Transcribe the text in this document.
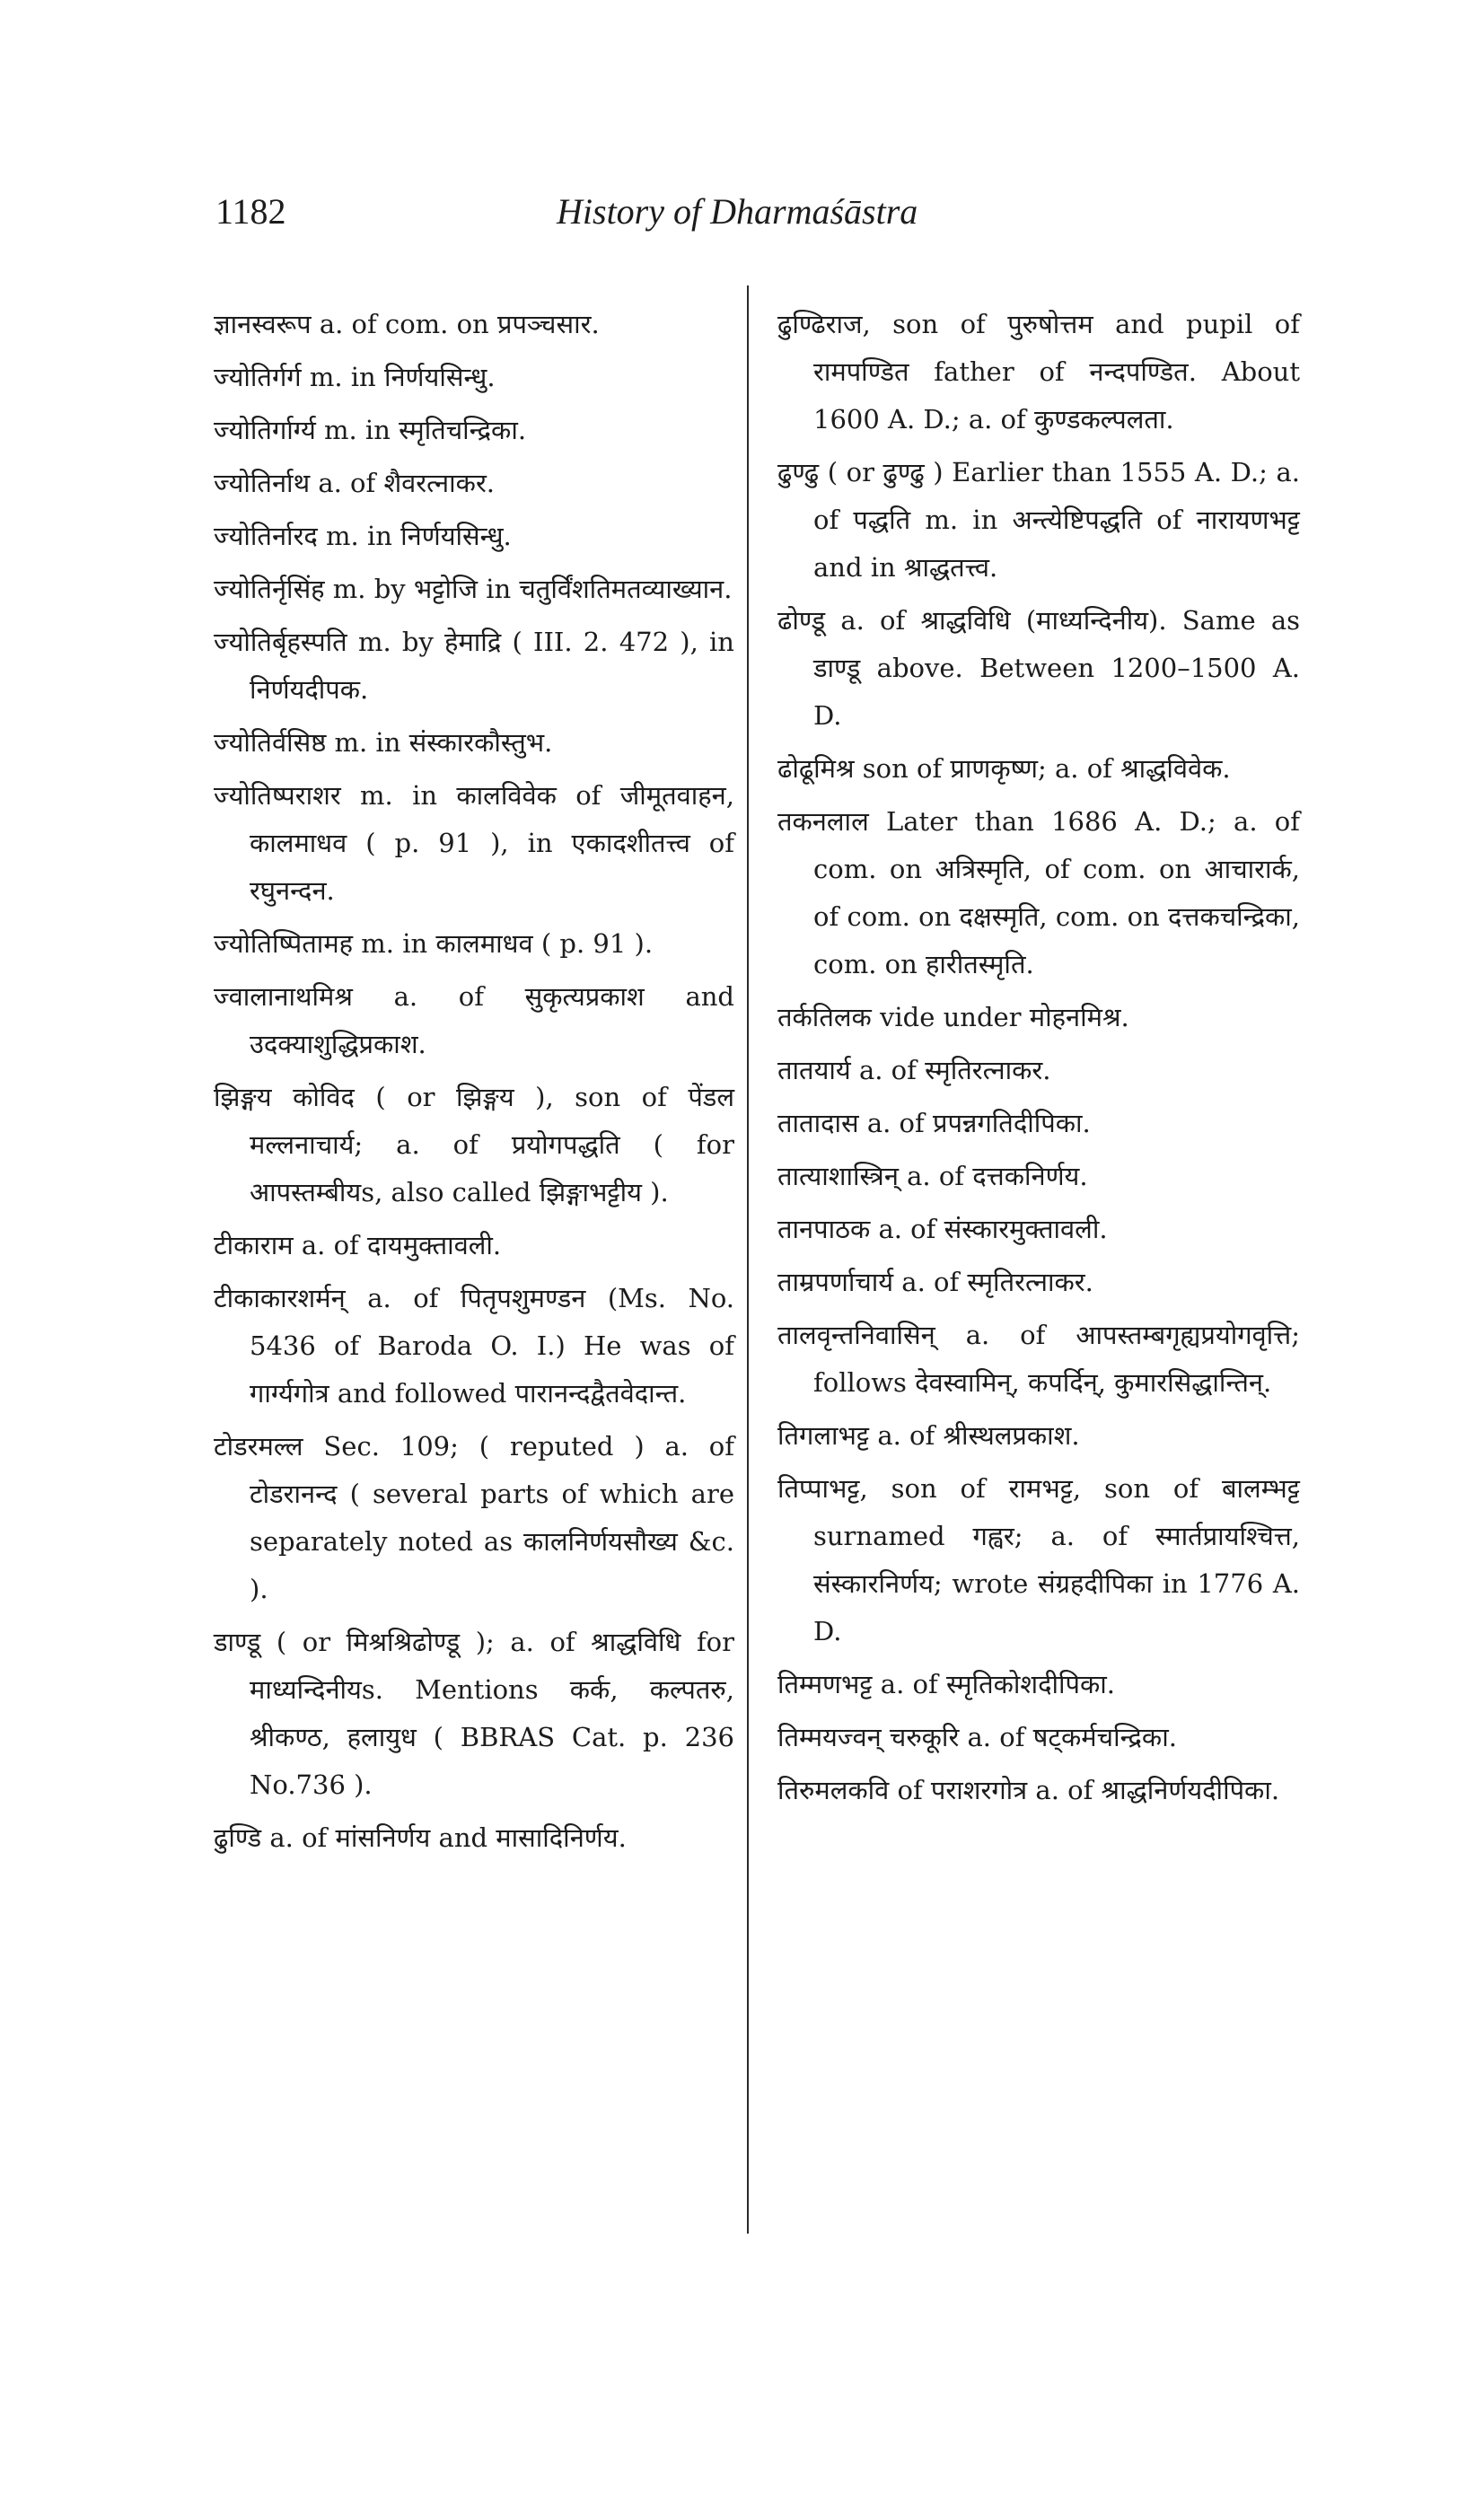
1182	History of Dharmaśāstra
ज्ञानस्वरूप a. of com. on प्रपञ्चसार.
ज्योतिर्गर्ग m. in निर्णयसिन्धु.
ज्योतिर्गार्ग्य m. in स्मृतिचन्द्रिका.
ज्योतिर्नाथ a. of शैवरत्नाकर.
ज्योतिर्नारद m. in निर्णयसिन्धु.
ज्योतिर्नृसिंह m. by भट्टोजि in चतुर्विंशतिमतव्याख्यान.
ज्योतिर्बृहस्पति m. by हेमाद्रि ( III. 2. 472 ), in निर्णयदीपक.
ज्योतिर्वसिष्ठ m. in संस्कारकौस्तुभ.
ज्योतिष्पराशर m. in कालविवेक of जीमूतवाहन, कालमाधव ( p. 91 ), in एकादशीतत्त्व of रघुनन्दन.
ज्योतिष्पितामह m. in कालमाधव ( p. 91 ).
ज्वालानाथमिश्र a. of सुकृत्यप्रकाश and उदक्याशुद्धिप्रकाश.
झिङ्गय कोविद ( or झिङ्गय ), son of पेंडल मल्लनाचार्य; a. of प्रयोगपद्धति ( for आपस्तम्बीयs, also called झिङ्गाभट्टीय ).
टीकाराम a. of दायमुक्तावली.
टीकाकारशर्मन् a. of पितृपशुमण्डन (Ms. No. 5436 of Baroda O. I.) He was of गार्ग्यगोत्र and followed पारानन्दद्वैतवेदान्त.
टोडरमल्ल Sec. 109; ( reputed ) a. of टोडरानन्द ( several parts of which are separately noted as कालनिर्णयसौख्य &c. ).
डाण्डू ( or मिश्रश्रिढोण्डू ); a. of श्राद्धविधि for माध्यन्दिनीयs. Mentions कर्क, कल्पतरु, श्रीकण्ठ, हलायुध ( BBRAS Cat. p. 236 No.736 ).
ढुण्डि a. of मांसनिर्णय and मासादिनिर्णय.
ढुण्ढिराज, son of पुरुषोत्तम and pupil of रामपण्डित father of नन्दपण्डित. About 1600 A. D.; a. of कुण्डकल्पलता.
ढुण्ढु ( or ढुण्ढु ) Earlier than 1555 A. D.; a. of पद्धति m. in अन्त्येष्टिपद्धति of नारायणभट्ट and in श्राद्धतत्त्व.
ढोण्डू a. of श्राद्धविधि (माध्यन्दिनीय). Same as डाण्डू above. Between 1200–1500 A. D.
ढोढूमिश्र son of प्राणकृष्ण; a. of श्राद्धविवेक.
तकनलाल Later than 1686 A. D.; a. of com. on अत्रिस्मृति, of com. on आचारार्क, of com. on दक्षस्मृति, com. on दत्तकचन्द्रिका, com. on हारीतस्मृति.
तर्कतिलक vide under मोहनमिश्र.
तातयार्य a. of स्मृतिरत्नाकर.
तातादास a. of प्रपन्नगतिदीपिका.
तात्याशास्त्रिन् a. of दत्तकनिर्णय.
तानपाठक a. of संस्कारमुक्तावली.
ताम्रपर्णाचार्य a. of स्मृतिरत्नाकर.
तालवृन्तनिवासिन् a. of आपस्तम्बगृह्यप्रयोगवृत्ति; follows देवस्वामिन्, कपर्दिन्, कुमारसिद्धान्तिन्.
तिगलाभट्ट a. of श्रीस्थलप्रकाश.
तिप्पाभट्ट, son of रामभट्ट, son of बालम्भट्ट surnamed गह्वर; a. of स्मार्तप्रायश्चित्त, संस्कारनिर्णय; wrote संग्रहदीपिका in 1776 A. D.
तिम्मणभट्ट a. of स्मृतिकोशदीपिका.
तिम्मयज्वन् चरुकूरि a. of षट्कर्मचन्द्रिका.
तिरुमलकवि of पराशरगोत्र a. of श्राद्धनिर्णयदीपिका.
